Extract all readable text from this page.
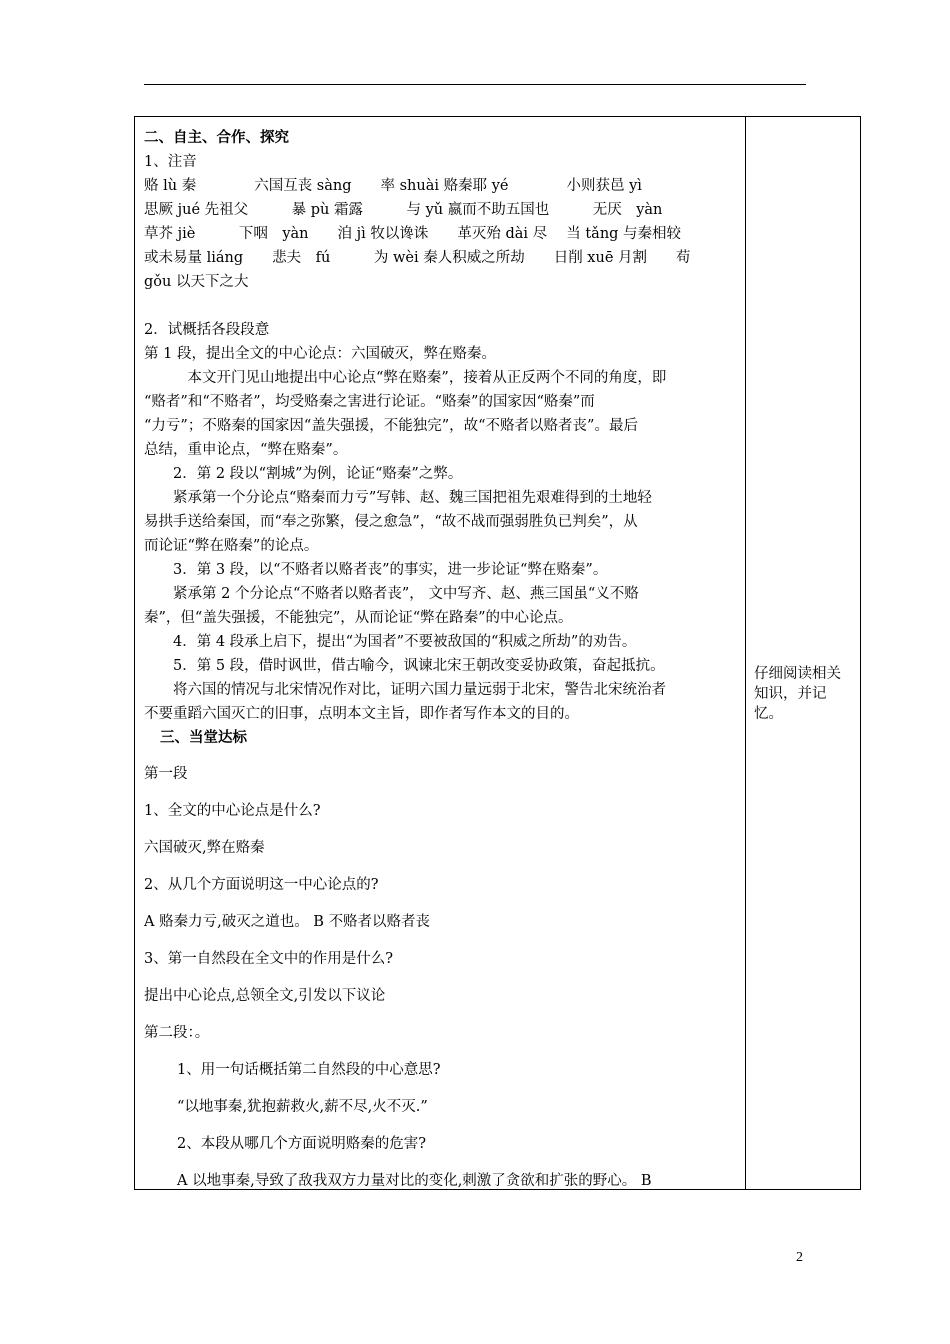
二、自主、合作、探究
1、注音
赂 lù 秦　　　　六国互丧 sàng　　率 shuài 赂秦耶 yé　　　　小则获邑 yì
思厥 jué 先祖父　　　暴 pù 霜露　　　与 yǔ 嬴而不助五国也　　　无厌　yàn
草芥 jiè　　　下咽　yàn　　洎 jì 牧以谗诛　　革灭殆 dài 尽　 当 tǎng 与秦相较
或未易量 liáng　　悲夫　fú　　　为 wèi 秦人积威之所劫　　日削 xuē 月割　　苟
gǒu 以天下之大
2．试概括各段段意
第 1 段，提出全文的中心论点：六国破灭，弊在赂秦。
　本文开门见山地提出中心论点“弊在赂秦”，接着从正反两个不同的角度，即
“赂者”和“不赂者”，均受赂秦之害进行论证。“赂秦”的国家因“赂秦”而
“力亏”；不赂秦的国家因“盖失强援，不能独完”，故“不赂者以赂者丧”。最后
总结，重申论点，“弊在赂秦”。
2．第 2 段以“割城”为例，论证“赂秦”之弊。
紧承第一个分论点“赂秦而力亏”写韩、赵、魏三国把祖先艰难得到的土地轻
易拱手送给秦国，而“奉之弥繁，侵之愈急”，“故不战而强弱胜负已判矣”，从
而论证“弊在赂秦”的论点。
3．第 3 段，以“不赂者以赂者丧”的事实，进一步论证“弊在赂秦”。
紧承第 2 个分论点“不赂者以赂者丧”， 文中写齐、赵、燕三国虽“义不赂
秦”，但“盖失强援，不能独完”，从而论证“弊在路秦”的中心论点。
4．第 4 段承上启下，提出“为国者”不要被敌国的“积威之所劫”的劝告。
5．第 5 段，借时讽世，借古喻今，讽谏北宋王朝改变妥协政策，奋起抵抗。
将六国的情况与北宋情况作对比，证明六国力量远弱于北宋，警告北宋统治者
不要重蹈六国灭亡的旧事，点明本文主旨，即作者写作本文的目的。
三、当堂达标

第一段

1、全文的中心论点是什么?

六国破灭,弊在赂秦

2、从几个方面说明这一中心论点的?

A 赂秦力亏,破灭之道也。 B 不赂者以赂者丧

3、第一自然段在全文中的作用是什么?

提出中心论点,总领全文,引发以下议论

第二段：。

1、用一句话概括第二自然段的中心意思?

“以地事秦,犹抱薪救火,薪不尽,火不灭.”

2、本段从哪几个方面说明赂秦的危害?

A 以地事秦,导致了敌我双方力量对比的变化,刺激了贪欲和扩张的野心。 B

仔细阅读相关知识，并记忆。
2
